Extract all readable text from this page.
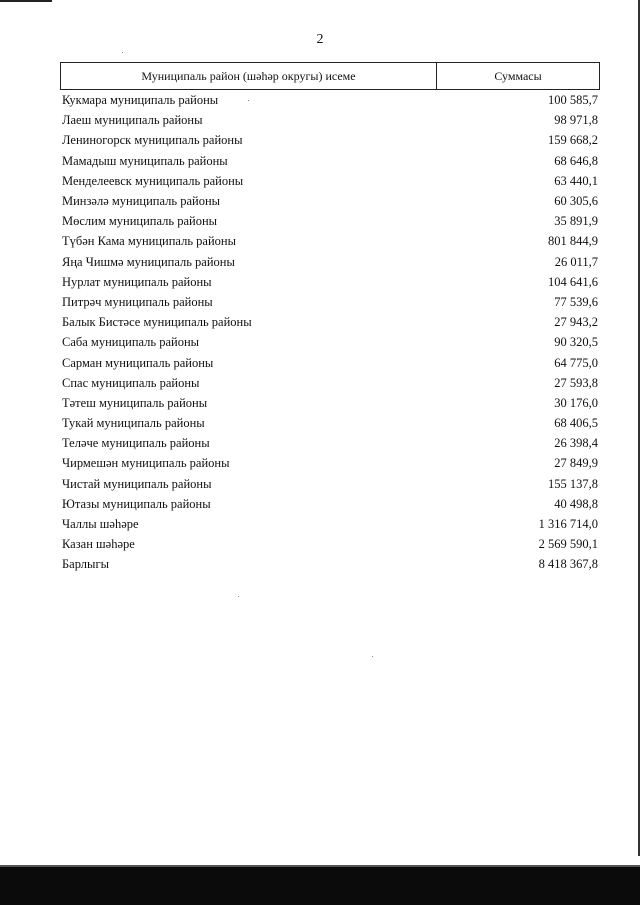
2
Муниципаль район (шәһәр округы) исеме	Суммасы
Кукмара муниципаль районы	100 585,7
Лаеш муниципаль районы	98 971,8
Лениногорск муниципаль районы	159 668,2
Мамадыш муниципаль районы	68 646,8
Менделеевск муниципаль районы	63 440,1
Минзәлә муниципаль районы	60 305,6
Мөслим муниципаль районы	35 891,9
Түбән Кама муниципаль районы	801 844,9
Яңа Чишмә муниципаль районы	26 011,7
Нурлат муниципаль районы	104 641,6
Питрәч муниципаль районы	77 539,6
Балык Бистәсе муниципаль районы	27 943,2
Саба муниципаль районы	90 320,5
Сарман муниципаль районы	64 775,0
Спас муниципаль районы	27 593,8
Тәтеш муниципаль районы	30 176,0
Тукай муниципаль районы	68 406,5
Теләче муниципаль районы	26 398,4
Чирмешән муниципаль районы	27 849,9
Чистай муниципаль районы	155 137,8
Ютазы муниципаль районы	40 498,8
Чаллы шәһәре	1 316 714,0
Казан шәһәре	2 569 590,1
Барлыгы	8 418 367,8
